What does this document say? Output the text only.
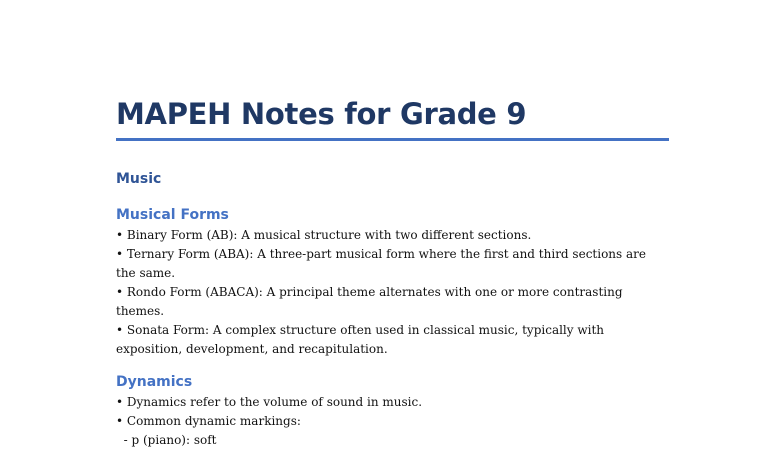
MAPEH Notes for Grade 9
Music
Musical Forms

• Binary Form (AB): A musical structure with two different sections.

• Ternary Form (ABA): A three-part musical form where the first and third sections are the same.

• Rondo Form (ABACA): A principal theme alternates with one or more contrasting themes.

• Sonata Form: A complex structure often used in classical music, typically with exposition, development, and recapitulation.

Dynamics

• Dynamics refer to the volume of sound in music.

• Common dynamic markings:

- p (piano): soft
